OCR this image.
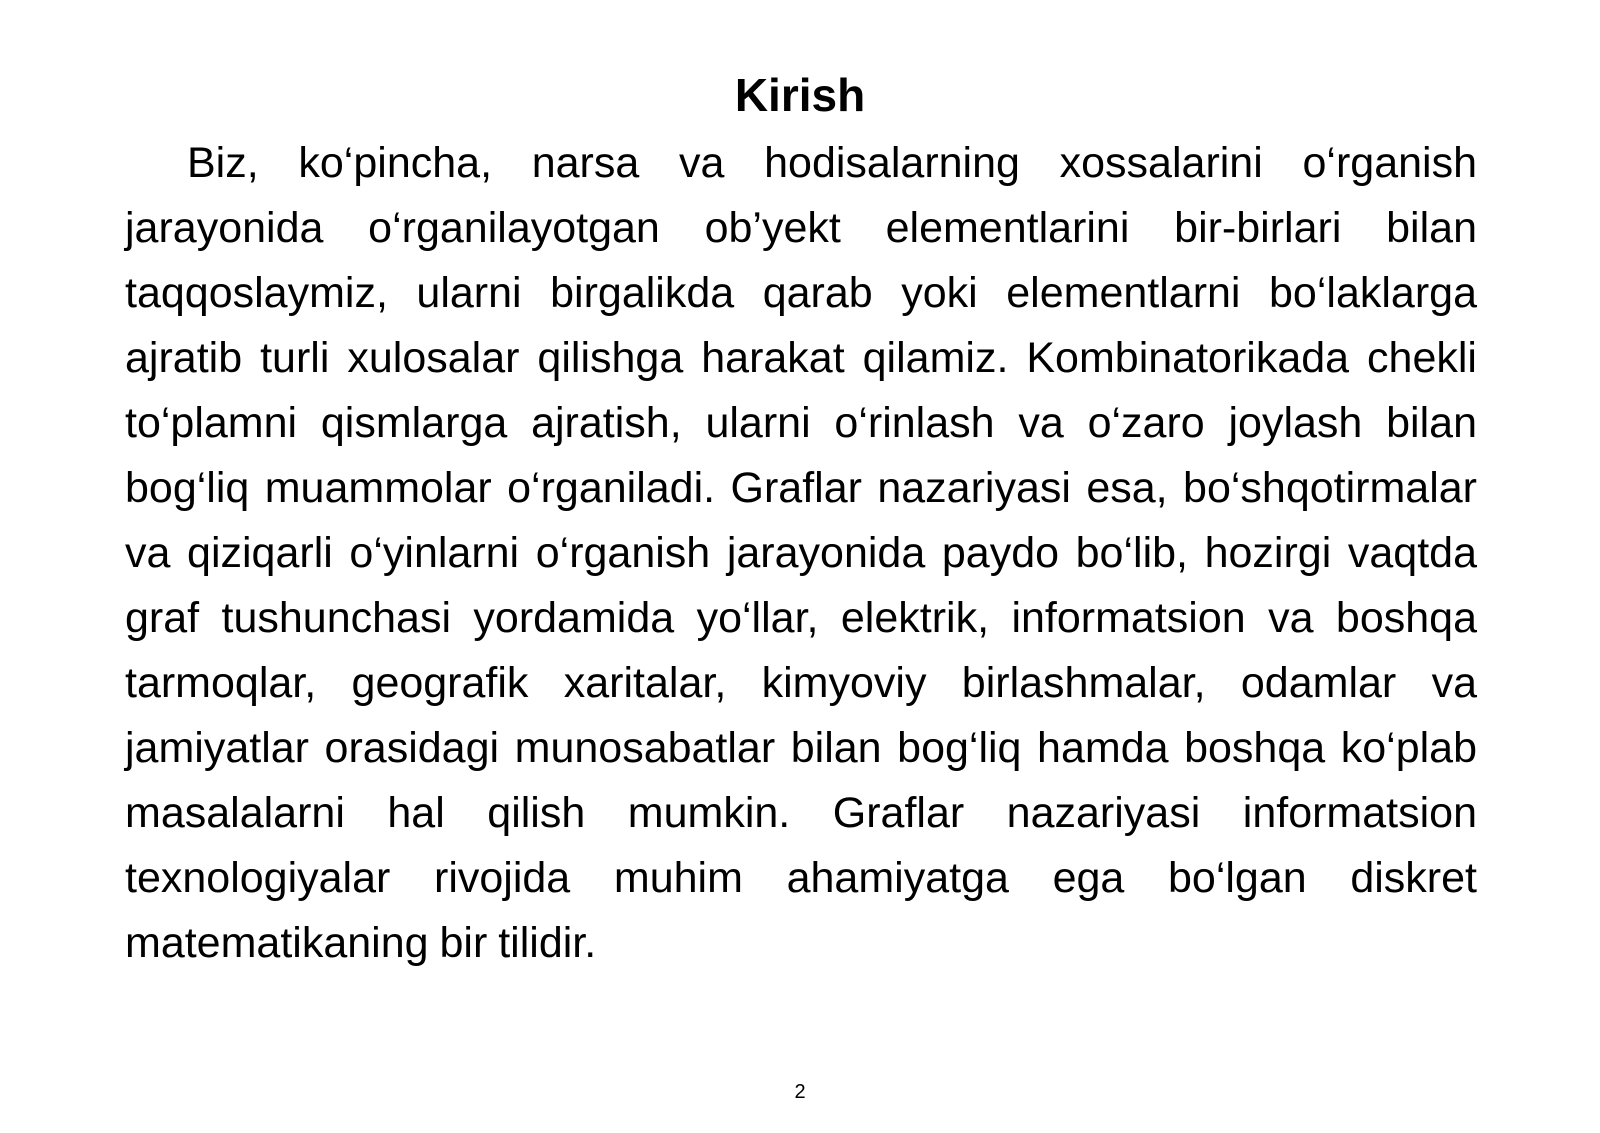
Kirish

Biz, ko‘pincha, narsa va hodisalarning xossalarini o‘rganish jarayonida o‘rganilayotgan ob’yekt elementlarini bir-birlari bilan taqqoslaymiz, ularni birgalikda qarab yoki elementlarni bo‘laklarga ajratib turli xulosalar qilishga harakat qilamiz. Kombinatorikada chekli to‘plamni qismlarga ajratish, ularni o‘rinlash va o‘zaro joylash bilan bog‘liq muammolar o‘rganiladi. Graflar nazariyasi esa, bo‘shqotirmalar va qiziqarli o‘yinlarni o‘rganish jarayonida paydo bo‘lib, hozirgi vaqtda graf tushunchasi yordamida yo‘llar, elektrik, informatsion va boshqa tarmoqlar, geografik xaritalar, kimyoviy birlashmalar, odamlar va jamiyatlar orasidagi munosabatlar bilan bog‘liq hamda boshqa ko‘plab masalalarni hal qilish mumkin. Graflar nazariyasi informatsion texnologiyalar rivojida muhim ahamiyatga ega bo‘lgan diskret matematikaning bir tilidir.

2
